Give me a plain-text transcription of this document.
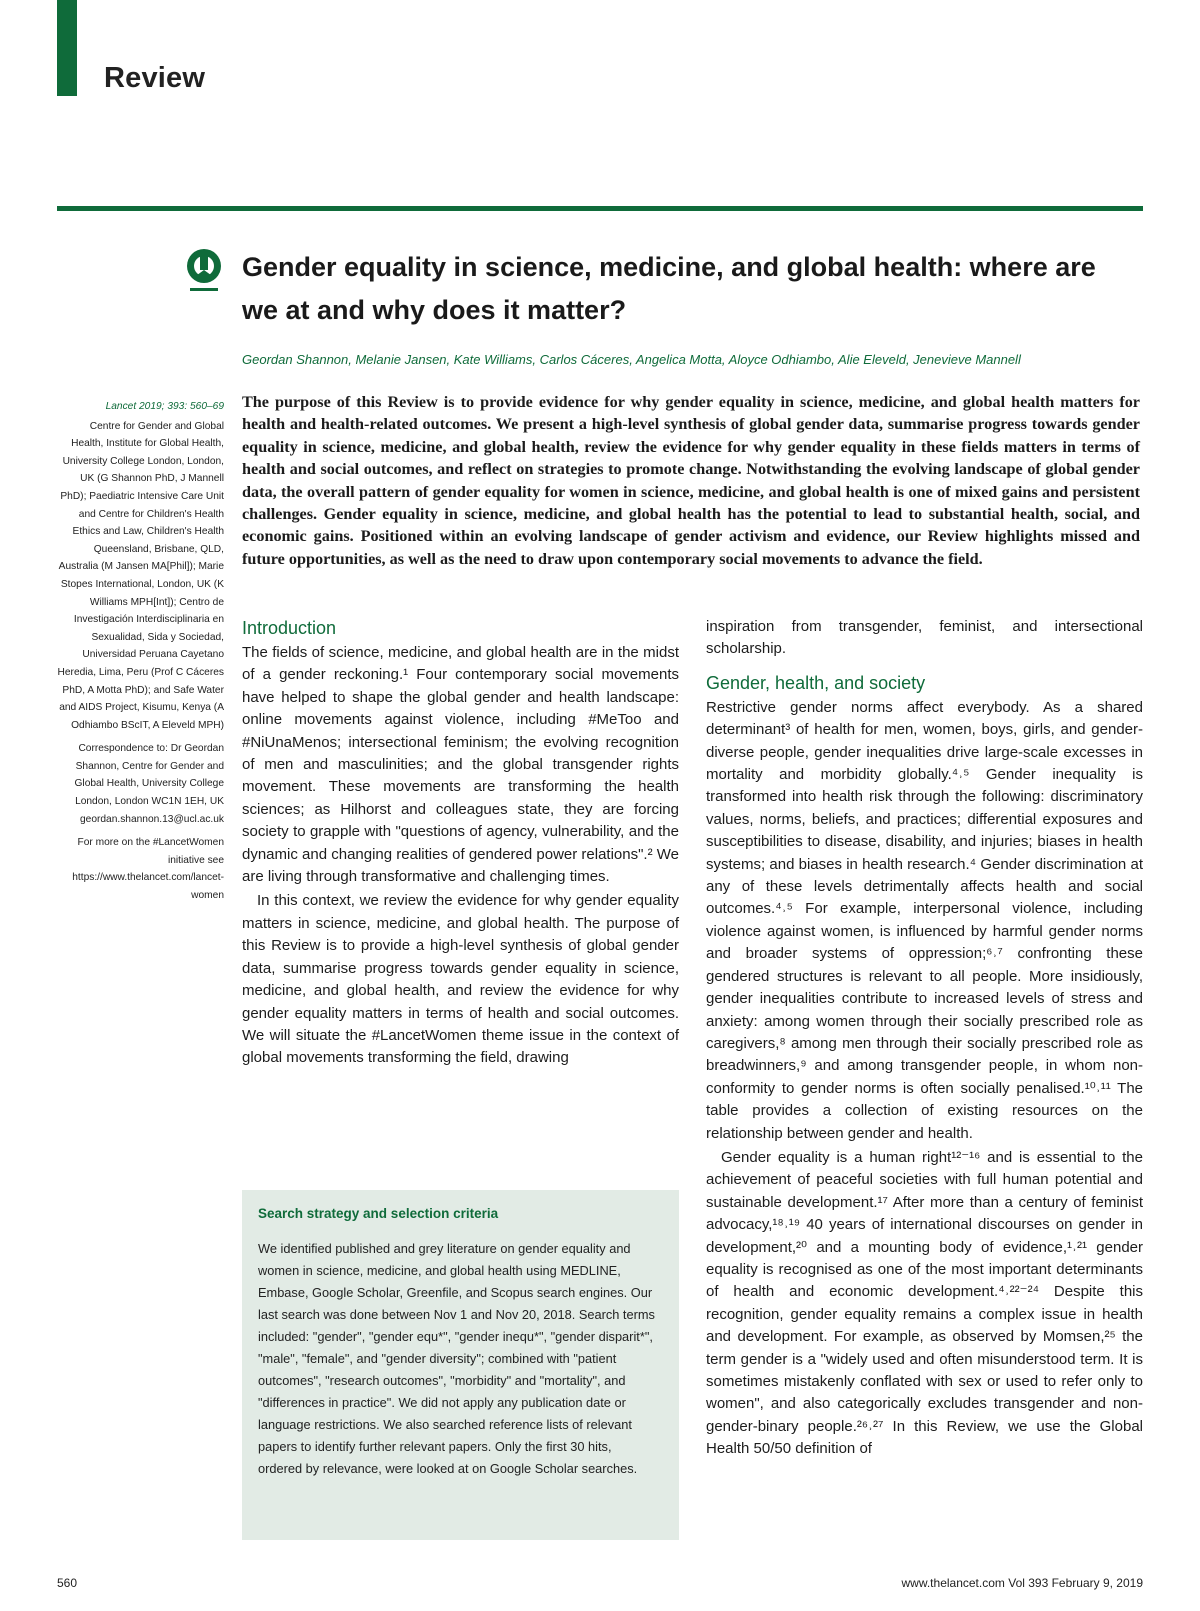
Review
Gender equality in science, medicine, and global health: where are we at and why does it matter?
Geordan Shannon, Melanie Jansen, Kate Williams, Carlos Cáceres, Angelica Motta, Aloyce Odhiambo, Alie Eleveld, Jenevieve Mannell

Lancet 2019; 393: 560–69

Centre for Gender and Global Health, Institute for Global Health, University College London, London, UK (G Shannon PhD, J Mannell PhD); Paediatric Intensive Care Unit and Centre for Children's Health Ethics and Law, Children's Health Queensland, Brisbane, QLD, Australia (M Jansen MA[Phil]); Marie Stopes International, London, UK (K Williams MPH[Int]); Centro de Investigación Interdisciplinaria en Sexualidad, Sida y Sociedad, Universidad Peruana Cayetano Heredia, Lima, Peru (Prof C Cáceres PhD, A Motta PhD); and Safe Water and AIDS Project, Kisumu, Kenya (A Odhiambo BScIT, A Eleveld MPH)

Correspondence to: Dr Geordan Shannon, Centre for Gender and Global Health, University College London, London WC1N 1EH, UK geordan.shannon.13@ucl.ac.uk

For more on the #LancetWomen initiative see https://www.thelancet.com/lancet-women

The purpose of this Review is to provide evidence for why gender equality in science, medicine, and global health matters for health and health-related outcomes. We present a high-level synthesis of global gender data, summarise progress towards gender equality in science, medicine, and global health, review the evidence for why gender equality in these fields matters in terms of health and social outcomes, and reflect on strategies to promote change. Notwithstanding the evolving landscape of global gender data, the overall pattern of gender equality for women in science, medicine, and global health is one of mixed gains and persistent challenges. Gender equality in science, medicine, and global health has the potential to lead to substantial health, social, and economic gains. Positioned within an evolving landscape of gender activism and evidence, our Review highlights missed and future opportunities, as well as the need to draw upon contemporary social movements to advance the field.

Introduction

The fields of science, medicine, and global health are in the midst of a gender reckoning.¹ Four contemporary social movements have helped to shape the global gender and health landscape: online movements against violence, including #MeToo and #NiUnaMenos; intersectional feminism; the evolving recognition of men and masculinities; and the global transgender rights movement. These movements are transforming the health sciences; as Hilhorst and colleagues state, they are forcing society to grapple with "questions of agency, vulnerability, and the dynamic and changing realities of gendered power relations".² We are living through transformative and challenging times.

In this context, we review the evidence for why gender equality matters in science, medicine, and global health. The purpose of this Review is to provide a high-level synthesis of global gender data, summarise progress towards gender equality in science, medicine, and global health, and review the evidence for why gender equality matters in terms of health and social outcomes. We will situate the #LancetWomen theme issue in the context of global movements transforming the field, drawing

Search strategy and selection criteria

We identified published and grey literature on gender equality and women in science, medicine, and global health using MEDLINE, Embase, Google Scholar, Greenfile, and Scopus search engines. Our last search was done between Nov 1 and Nov 20, 2018. Search terms included: "gender", "gender equ*", "gender inequ*", "gender disparit*", "male", "female", and "gender diversity"; combined with "patient outcomes", "research outcomes", "morbidity" and "mortality", and "differences in practice". We did not apply any publication date or language restrictions. We also searched reference lists of relevant papers to identify further relevant papers. Only the first 30 hits, ordered by relevance, were looked at on Google Scholar searches.

inspiration from transgender, feminist, and intersectional scholarship.

Gender, health, and society

Restrictive gender norms affect everybody. As a shared determinant³ of health for men, women, boys, girls, and gender-diverse people, gender inequalities drive large-scale excesses in mortality and morbidity globally.⁴˒⁵ Gender inequality is transformed into health risk through the following: discriminatory values, norms, beliefs, and practices; differential exposures and susceptibilities to disease, disability, and injuries; biases in health systems; and biases in health research.⁴ Gender discrimination at any of these levels detrimentally affects health and social outcomes.⁴˒⁵ For example, interpersonal violence, including violence against women, is influenced by harmful gender norms and broader systems of oppression;⁶˒⁷ confronting these gendered structures is relevant to all people. More insidiously, gender inequalities contribute to increased levels of stress and anxiety: among women through their socially prescribed role as caregivers,⁸ among men through their socially prescribed role as breadwinners,⁹ and among transgender people, in whom non-conformity to gender norms is often socially penalised.¹⁰˒¹¹ The table provides a collection of existing resources on the relationship between gender and health.

Gender equality is a human right¹²⁻¹⁶ and is essential to the achievement of peaceful societies with full human potential and sustainable development.¹⁷ After more than a century of feminist advocacy,¹⁸˒¹⁹ 40 years of international discourses on gender in development,²⁰ and a mounting body of evidence,¹˒²¹ gender equality is recognised as one of the most important determinants of health and economic development.⁴˒²²⁻²⁴ Despite this recognition, gender equality remains a complex issue in health and development. For example, as observed by Momsen,²⁵ the term gender is a "widely used and often misunderstood term. It is sometimes mistakenly conflated with sex or used to refer only to women", and also categorically excludes transgender and non-gender-binary people.²⁶˒²⁷ In this Review, we use the Global Health 50/50 definition of

560	www.thelancet.com Vol 393 February 9, 2019
